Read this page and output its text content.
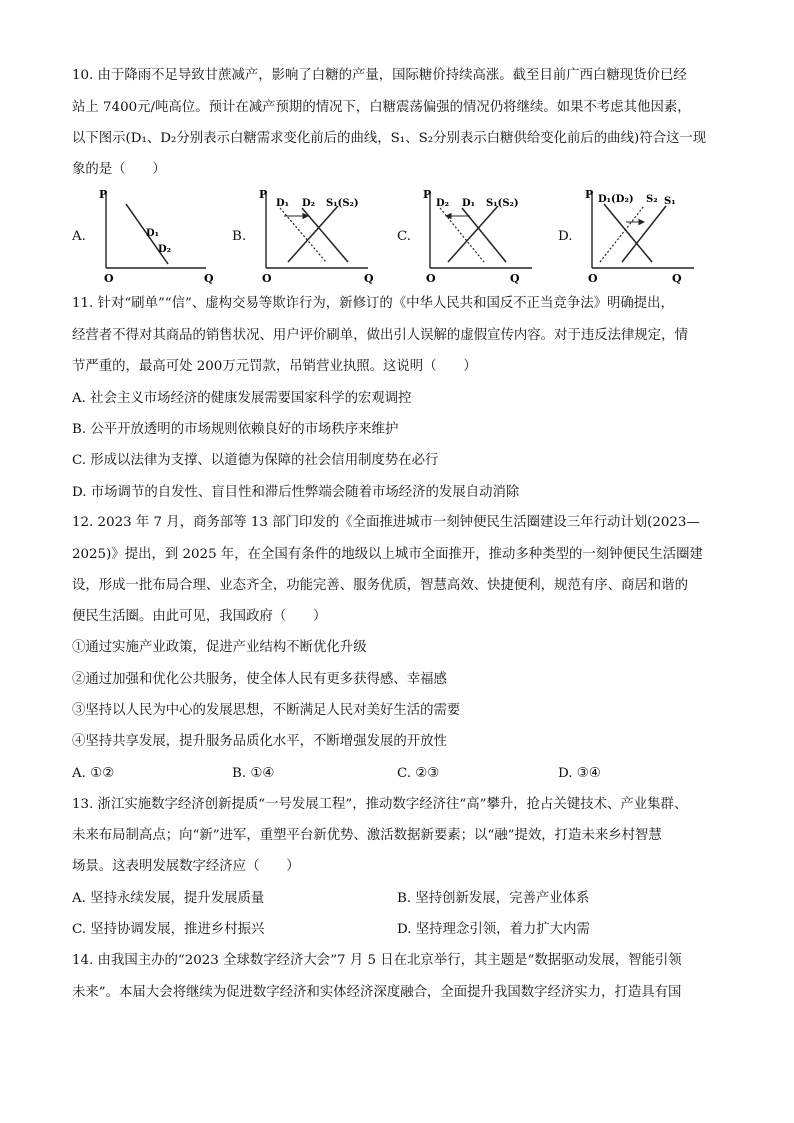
10. 由于降雨不足导致甘蔗减产，影响了白糖的产量，国际糖价持续高涨。截至目前广西白糖现货价已经
站上 7400元/吨高位。预计在减产预期的情况下，白糖震荡偏强的情况仍将继续。如果不考虑其他因素，
以下图示(D₁、D₂分别表示白糖需求变化前后的曲线，S₁、S₂分别表示白糖供给变化前后的曲线)符合这一现
象的是（　　）
A.	B.	C.	D.
P
Q
O
D₁
D₂
P
Q
O
D₁ D₂ S₁(S₂)
P
Q
O
D₂ D₁ S₁(S₂)
P
Q
O
D₁(D₂) S₂ S₁
11. 针对“刷单”“信”、虚构交易等欺诈行为，新修订的《中华人民共和国反不正当竞争法》明确提出，
经营者不得对其商品的销售状况、用户评价刷单，做出引人误解的虚假宣传内容。对于违反法律规定，情
节严重的，最高可处 200万元罚款，吊销营业执照。这说明（　　）
A. 社会主义市场经济的健康发展需要国家科学的宏观调控
B. 公平开放透明的市场规则依赖良好的市场秩序来维护
C. 形成以法律为支撑、以道德为保障的社会信用制度势在必行
D. 市场调节的自发性、盲目性和滞后性弊端会随着市场经济的发展自动消除
12. 2023 年 7 月，商务部等 13 部门印发的《全面推进城市一刻钟便民生活圈建设三年行动计划(2023—
2025)》提出，到 2025 年，在全国有条件的地级以上城市全面推开，推动多种类型的一刻钟便民生活圈建
设，形成一批布局合理、业态齐全，功能完善、服务优质，智慧高效、快捷便利，规范有序、商居和谐的
便民生活圈。由此可见，我国政府（　　）
①通过实施产业政策，促进产业结构不断优化升级
②通过加强和优化公共服务，使全体人民有更多获得感、幸福感
③坚持以人民为中心的发展思想，不断满足人民对美好生活的需要
④坚持共享发展，提升服务品质化水平，不断增强发展的开放性
A. ①②	B. ①④	C. ②③	D. ③④
13. 浙江实施数字经济创新提质“一号发展工程”，推动数字经济往“高”攀升，抢占关键技术、产业集群、
未来布局制高点；向“新”进军，重塑平台新优势、激活数据新要素；以“融”提效，打造未来乡村智慧
场景。这表明发展数字经济应（　　）
A. 坚持永续发展，提升发展质量	B. 坚持创新发展，完善产业体系
C. 坚持协调发展，推进乡村振兴	D. 坚持理念引领，着力扩大内需
14. 由我国主办的“2023 全球数字经济大会”7 月 5 日在北京举行，其主题是“数据驱动发展，智能引领
未来”。本届大会将继续为促进数字经济和实体经济深度融合，全面提升我国数字经济实力，打造具有国
